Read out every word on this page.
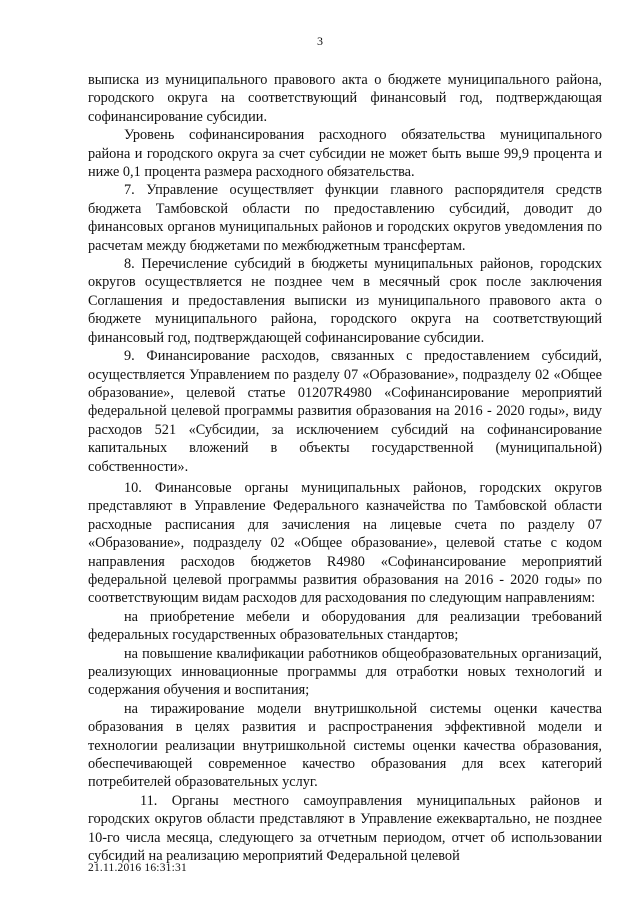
3

выписка из муниципального правового акта о бюджете муниципального района, городского округа на соответствующий финансовый год, подтверждающая софинансирование субсидии.

Уровень софинансирования расходного обязательства муниципального района и городского округа за счет субсидии не может быть выше 99,9 процента и ниже 0,1 процента размера расходного обязательства.

7. Управление осуществляет функции главного распорядителя средств бюджета Тамбовской области по предоставлению субсидий, доводит до финансовых органов муниципальных районов и городских округов уведомления по расчетам между бюджетами по межбюджетным трансфертам.

8. Перечисление субсидий в бюджеты муниципальных районов, городских округов осуществляется не позднее чем в месячный срок после заключения Соглашения и предоставления выписки из муниципального правового акта о бюджете муниципального района, городского округа на соответствующий финансовый год, подтверждающей софинансирование субсидии.

9. Финансирование расходов, связанных с предоставлением субсидий, осуществляется Управлением по разделу 07 «Образование», подразделу 02 «Общее образование», целевой статье 01207R4980 «Софинансирование мероприятий федеральной целевой программы развития образования на 2016 - 2020 годы», виду расходов 521 «Субсидии, за исключением субсидий на софинансирование капитальных вложений в объекты государственной (муниципальной) собственности».

10. Финансовые органы муниципальных районов, городских округов представляют в Управление Федерального казначейства по Тамбовской области расходные расписания для зачисления на лицевые счета по разделу 07 «Образование», подразделу 02 «Общее образование», целевой статье с кодом направления расходов бюджетов R4980 «Софинансирование мероприятий федеральной целевой программы развития образования на 2016 - 2020 годы» по соответствующим видам расходов для расходования по следующим направлениям:

на приобретение мебели и оборудования для реализации требований федеральных государственных образовательных стандартов;

на повышение квалификации работников общеобразовательных организаций, реализующих инновационные программы для отработки новых технологий и содержания обучения и воспитания;

на тиражирование модели внутришкольной системы оценки качества образования в целях развития и распространения эффективной модели и технологии реализации внутришкольной системы оценки качества образования, обеспечивающей современное качество образования для всех категорий потребителей образовательных услуг.

11. Органы местного самоуправления муниципальных районов и городских округов области представляют в Управление ежеквартально, не позднее 10-го числа месяца, следующего за отчетным периодом, отчет об использовании субсидий на реализацию мероприятий Федеральной целевой

21.11.2016 16:31:31
